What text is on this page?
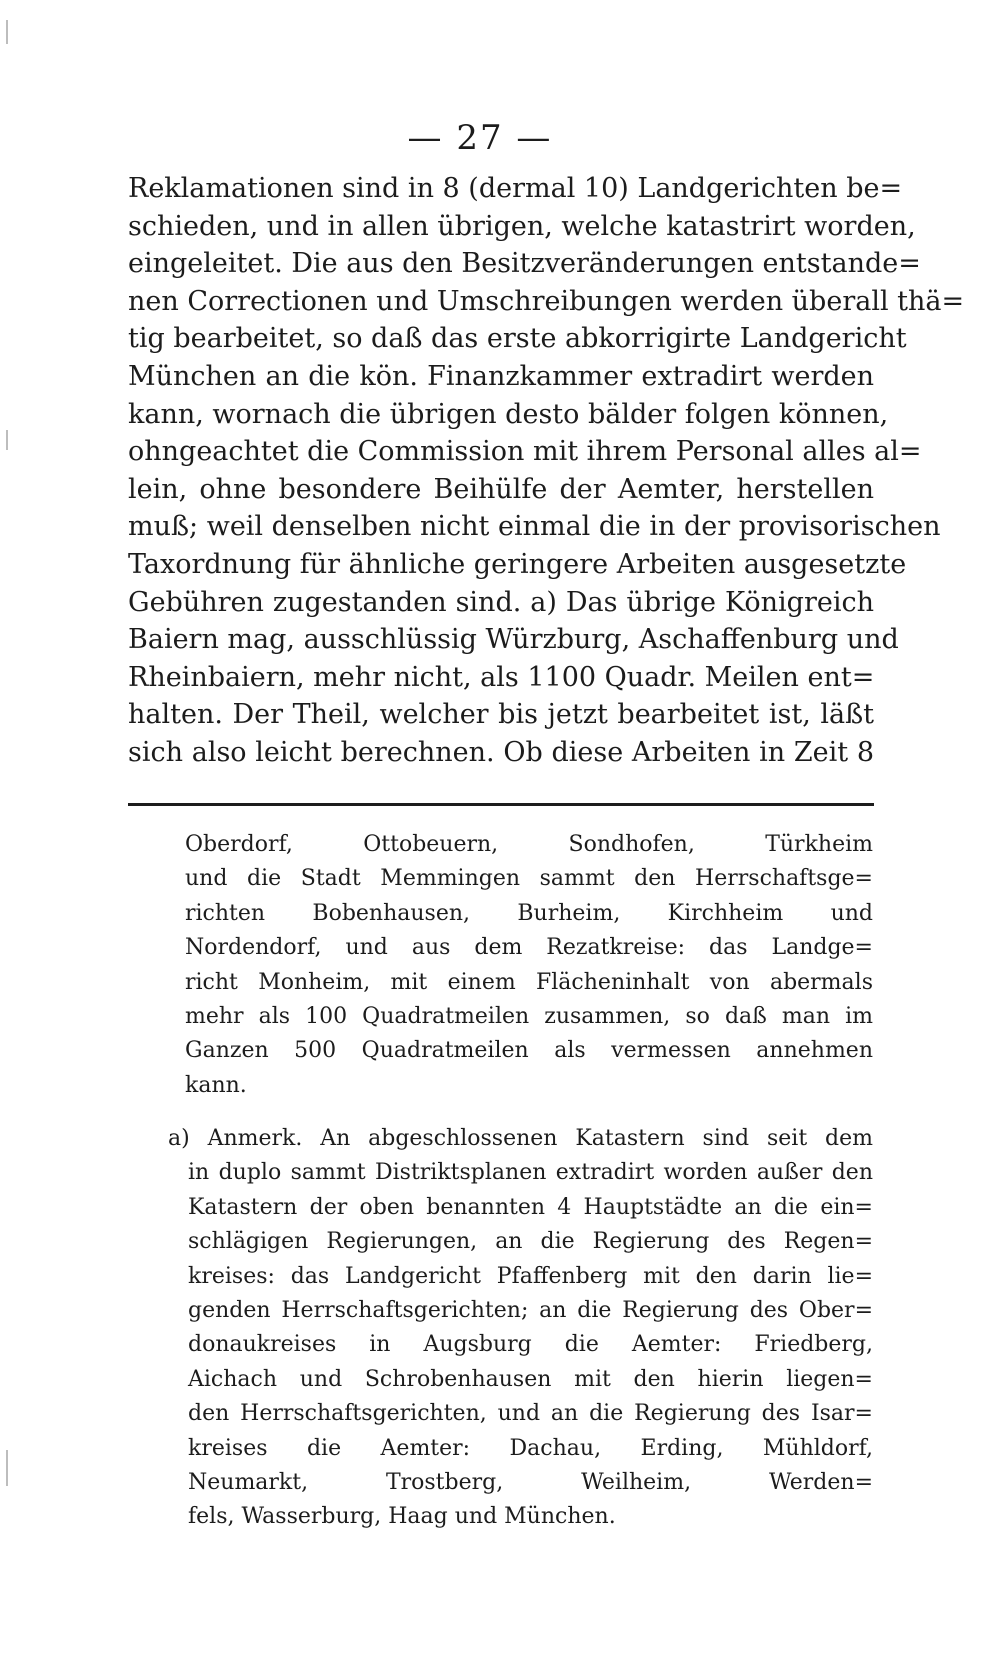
— 27 —
Reklamationen sind in 8 (dermal 10) Landgerichten be=
schieden, und in allen übrigen, welche katastrirt worden,
eingeleitet. Die aus den Besitzveränderungen entstande=
nen Correctionen und Umschreibungen werden überall thä=
tig bearbeitet, so daß das erste abkorrigirte Landgericht
München an die kön. Finanzkammer extradirt werden
kann, wornach die übrigen desto bälder folgen können,
ohngeachtet die Commission mit ihrem Personal alles al=
lein, ohne besondere Beihülfe der Aemter, herstellen
muß; weil denselben nicht einmal die in der provisorischen
Taxordnung für ähnliche geringere Arbeiten ausgesetzte
Gebühren zugestanden sind. a) Das übrige Königreich
Baiern mag, ausschlüssig Würzburg, Aschaffenburg und
Rheinbaiern, mehr nicht, als 1100 Quadr. Meilen ent=
halten. Der Theil, welcher bis jetzt bearbeitet ist, läßt
sich also leicht berechnen. Ob diese Arbeiten in Zeit 8
Oberdorf, Ottobeuern, Sondhofen, Türkheim
und die Stadt Memmingen sammt den Herrschaftsge=
richten Bobenhausen, Burheim, Kirchheim und
Nordendorf, und aus dem Rezatkreise: das Landge=
richt Monheim, mit einem Flächeninhalt von abermals
mehr als 100 Quadratmeilen zusammen, so daß man im
Ganzen 500 Quadratmeilen als vermessen annehmen
kann.
a) Anmerk. An abgeschlossenen Katastern sind seit dem
in duplo sammt Distriktsplanen extradirt worden außer den
Katastern der oben benannten 4 Hauptstädte an die ein=
schlägigen Regierungen, an die Regierung des Regen=
kreises: das Landgericht Pfaffenberg mit den darin lie=
genden Herrschaftsgerichten; an die Regierung des Ober=
donaukreises in Augsburg die Aemter: Friedberg,
Aichach und Schrobenhausen mit den hierin liegen=
den Herrschaftsgerichten, und an die Regierung des Isar=
kreises die Aemter: Dachau, Erding, Mühldorf,
Neumarkt, Trostberg, Weilheim, Werden=
fels, Wasserburg, Haag und München.
